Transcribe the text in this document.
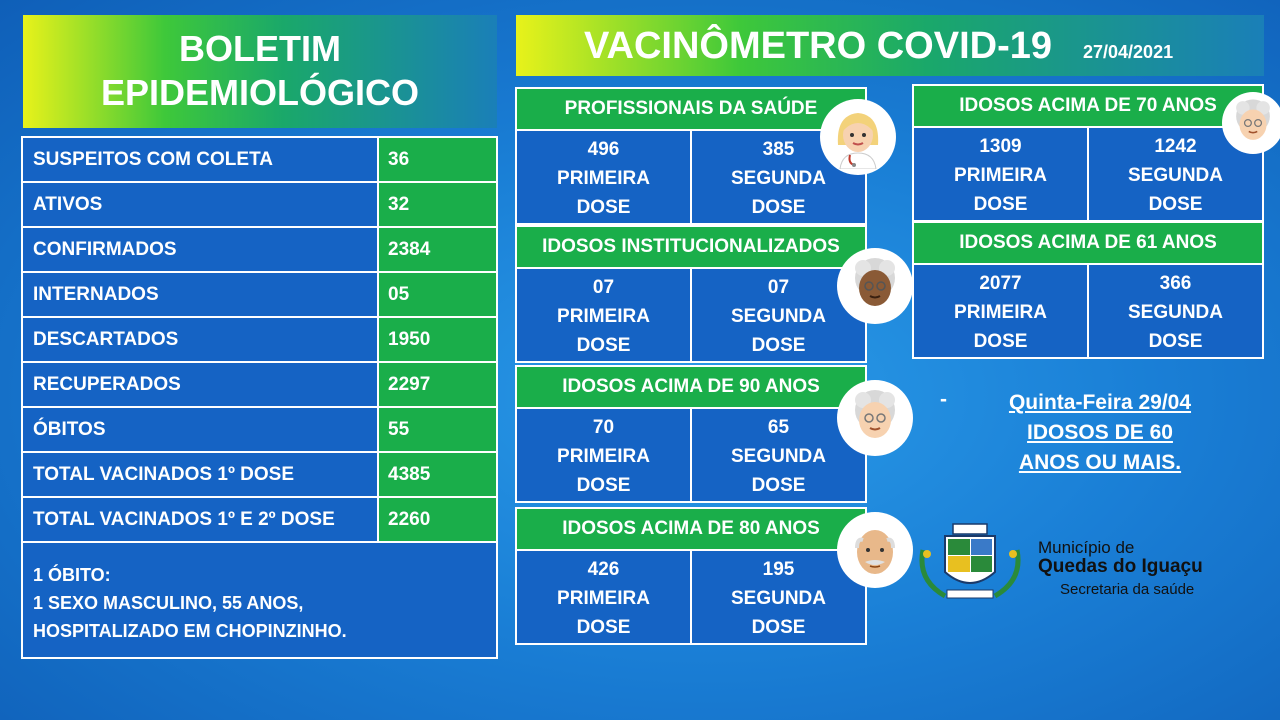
BOLETIM
EPIDEMIOLÓGICO
VACINÔMETRO COVID-19 27/04/2021
SUSPEITOS COM COLETA	36
ATIVOS	32
CONFIRMADOS	2384
INTERNADOS	05
DESCARTADOS	1950
RECUPERADOS	2297
ÓBITOS	55
TOTAL VACINADOS 1º DOSE	4385
TOTAL VACINADOS 1º E 2º DOSE	2260
1 ÓBITO:
1 SEXO MASCULINO, 55 ANOS,
HOSPITALIZADO EM CHOPINZINHO.
PROFISSIONAIS DA SAÚDE
496
PRIMEIRA
DOSE
385
SEGUNDA
DOSE
IDOSOS INSTITUCIONALIZADOS
07
PRIMEIRA
DOSE
07
SEGUNDA
DOSE
IDOSOS ACIMA DE 90 ANOS
70
PRIMEIRA
DOSE
65
SEGUNDA
DOSE
IDOSOS ACIMA DE 80 ANOS
426
PRIMEIRA
DOSE
195
SEGUNDA
DOSE
IDOSOS ACIMA DE 70 ANOS
1309
PRIMEIRA
DOSE
1242
SEGUNDA
DOSE
IDOSOS ACIMA DE 61 ANOS
2077
PRIMEIRA
DOSE
366
SEGUNDA
DOSE
-	Quinta-Feira 29/04
IDOSOS DE 60
ANOS OU MAIS.
Município de
Quedas do Iguaçu
Secretaria da saúde
